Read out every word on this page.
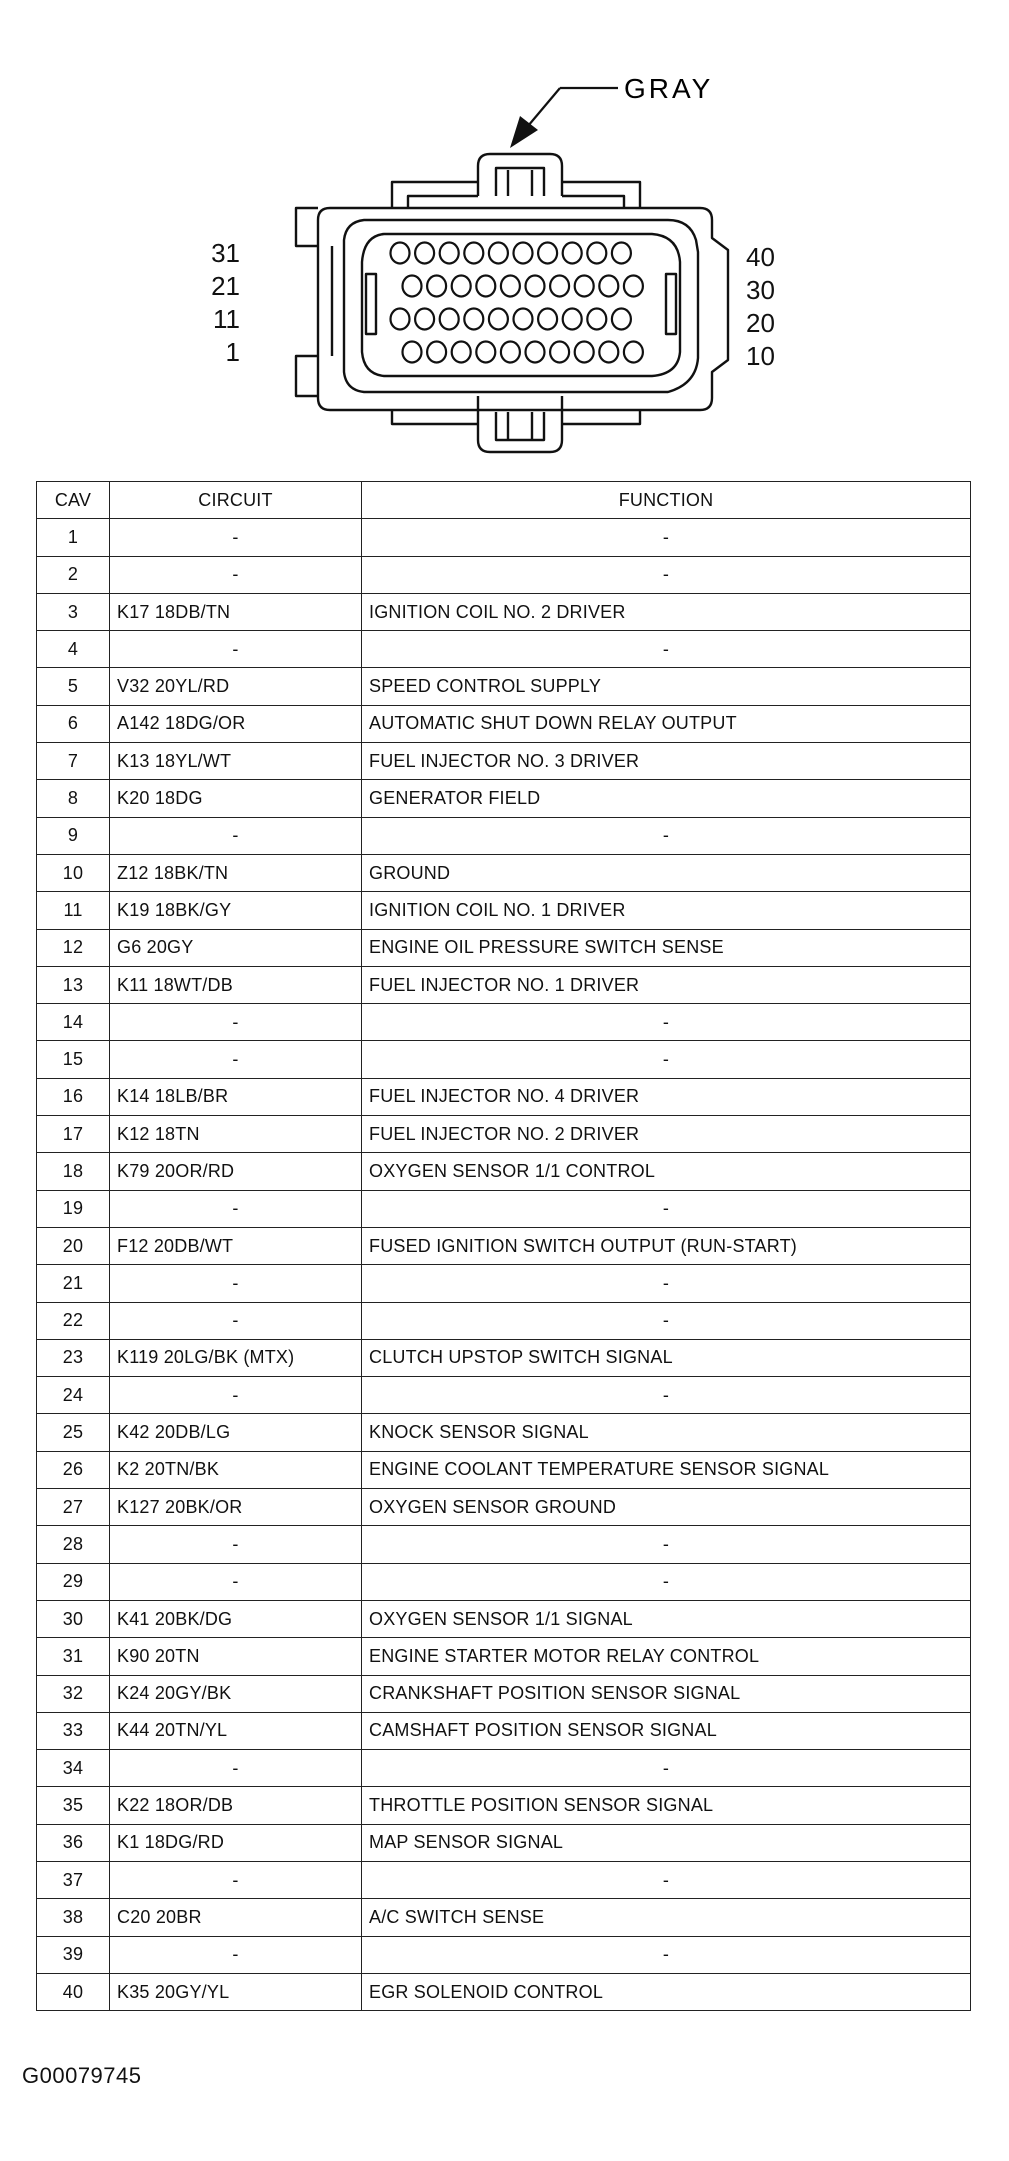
GRAY
31
21
11
1
40
30
20
10
CAV	CIRCUIT	FUNCTION
1	-	-
2	-	-
3	K17 18DB/TN	IGNITION COIL NO. 2 DRIVER
4	-	-
5	V32 20YL/RD	SPEED CONTROL SUPPLY
6	A142 18DG/OR	AUTOMATIC SHUT DOWN RELAY OUTPUT
7	K13 18YL/WT	FUEL INJECTOR NO. 3 DRIVER
8	K20 18DG	GENERATOR FIELD
9	-	-
10	Z12 18BK/TN	GROUND
11	K19 18BK/GY	IGNITION COIL NO. 1 DRIVER
12	G6 20GY	ENGINE OIL PRESSURE SWITCH SENSE
13	K11 18WT/DB	FUEL INJECTOR NO. 1 DRIVER
14	-	-
15	-	-
16	K14 18LB/BR	FUEL INJECTOR NO. 4 DRIVER
17	K12 18TN	FUEL INJECTOR NO. 2 DRIVER
18	K79 20OR/RD	OXYGEN SENSOR 1/1 CONTROL
19	-	-
20	F12 20DB/WT	FUSED IGNITION SWITCH OUTPUT (RUN-START)
21	-	-
22	-	-
23	K119 20LG/BK (MTX)	CLUTCH UPSTOP SWITCH SIGNAL
24	-	-
25	K42 20DB/LG	KNOCK SENSOR SIGNAL
26	K2 20TN/BK	ENGINE COOLANT TEMPERATURE SENSOR SIGNAL
27	K127 20BK/OR	OXYGEN SENSOR GROUND
28	-	-
29	-	-
30	K41 20BK/DG	OXYGEN SENSOR 1/1 SIGNAL
31	K90 20TN	ENGINE STARTER MOTOR RELAY CONTROL
32	K24 20GY/BK	CRANKSHAFT POSITION SENSOR SIGNAL
33	K44 20TN/YL	CAMSHAFT POSITION SENSOR SIGNAL
34	-	-
35	K22 18OR/DB	THROTTLE POSITION SENSOR SIGNAL
36	K1 18DG/RD	MAP SENSOR SIGNAL
37	-	-
38	C20 20BR	A/C SWITCH SENSE
39	-	-
40	K35 20GY/YL	EGR SOLENOID CONTROL
G00079745
